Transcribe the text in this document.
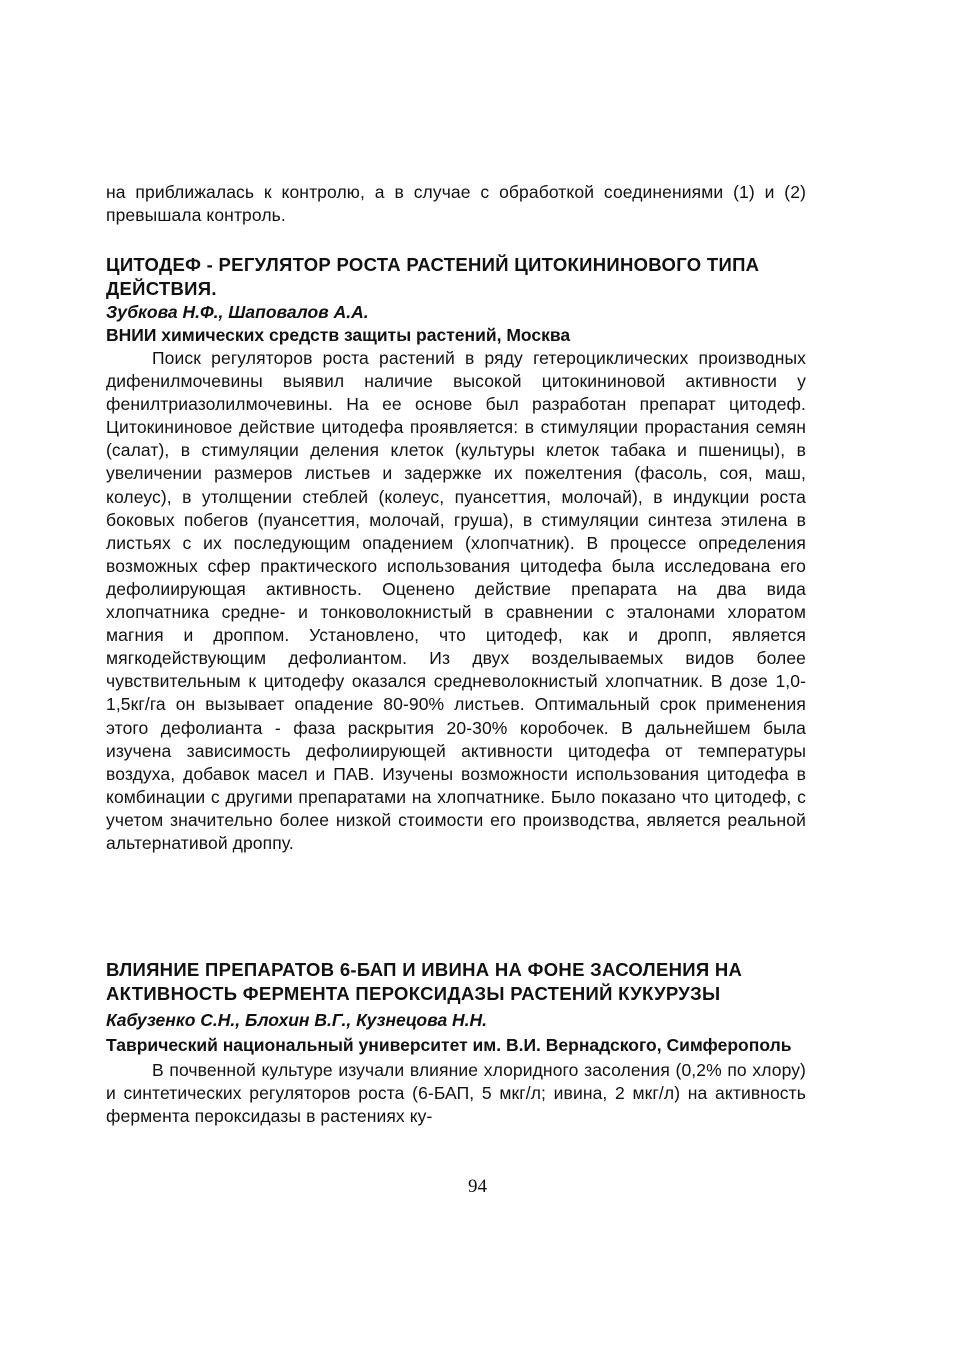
на приближалась к контролю, а в случае с обработкой соединениями (1) и (2) превышала контроль.
ЦИТОДЕФ - РЕГУЛЯТОР РОСТА РАСТЕНИЙ ЦИТОКИНИНОВОГО ТИПА ДЕЙСТВИЯ.
Зубкова Н.Ф., Шаповалов А.А.
ВНИИ химических средств защиты растений, Москва
Поиск регуляторов роста растений в ряду гетероциклических производных дифенилмочевины выявил наличие высокой цитокининовой активности у фенилтриазолилмочевины. На ее основе был разработан препарат цитодеф. Цитокининовое действие цитодефа проявляется: в стимуляции прорастания семян (салат), в стимуляции деления клеток (культуры клеток табака и пшеницы), в увеличении размеров листьев и задержке их пожелтения (фасоль, соя, маш, колеус), в утолщении стеблей (колеус, пуансеттия, молочай), в индукции роста боковых побегов (пуансеттия, молочай, груша), в стимуляции синтеза этилена в листьях с их последующим опадением (хлопчатник). В процессе определения возможных сфер практического использования цитодефа была исследована его дефолиирующая активность. Оценено действие препарата на два вида хлопчатника средне- и тонковолокнистый в сравнении с эталонами хлоратом магния и дроппом. Установлено, что цитодеф, как и дропп, является мягкодействующим дефолиантом. Из двух возделываемых видов более чувствительным к цитодефу оказался средневолокнистый хлопчатник. В дозе 1,0-1,5кг/га он вызывает опадение 80-90% листьев. Оптимальный срок применения этого дефолианта - фаза раскрытия 20-30% коробочек. В дальнейшем была изучена зависимость дефолиирующей активности цитодефа от температуры воздуха, добавок масел и ПАВ. Изучены возможности использования цитодефа в комбинации с другими препаратами на хлопчатнике. Было показано что цитодеф, с учетом значительно более низкой стоимости его производства, является реальной альтернативой дроппу.
ВЛИЯНИЕ ПРЕПАРАТОВ 6-БАП И ИВИНА НА ФОНЕ ЗАСОЛЕНИЯ НА АКТИВНОСТЬ ФЕРМЕНТА ПЕРОКСИДАЗЫ РАСТЕНИЙ КУКУРУЗЫ
Кабузенко С.Н., Блохин В.Г., Кузнецова Н.Н.
Таврический национальный университет им. В.И. Вернадского, Симферополь
В почвенной культуре изучали влияние хлоридного засоления (0,2% по хлору) и синтетических регуляторов роста (6-БАП, 5 мкг/л; ивина, 2 мкг/л) на активность фермента пероксидазы в растениях ку-
94
